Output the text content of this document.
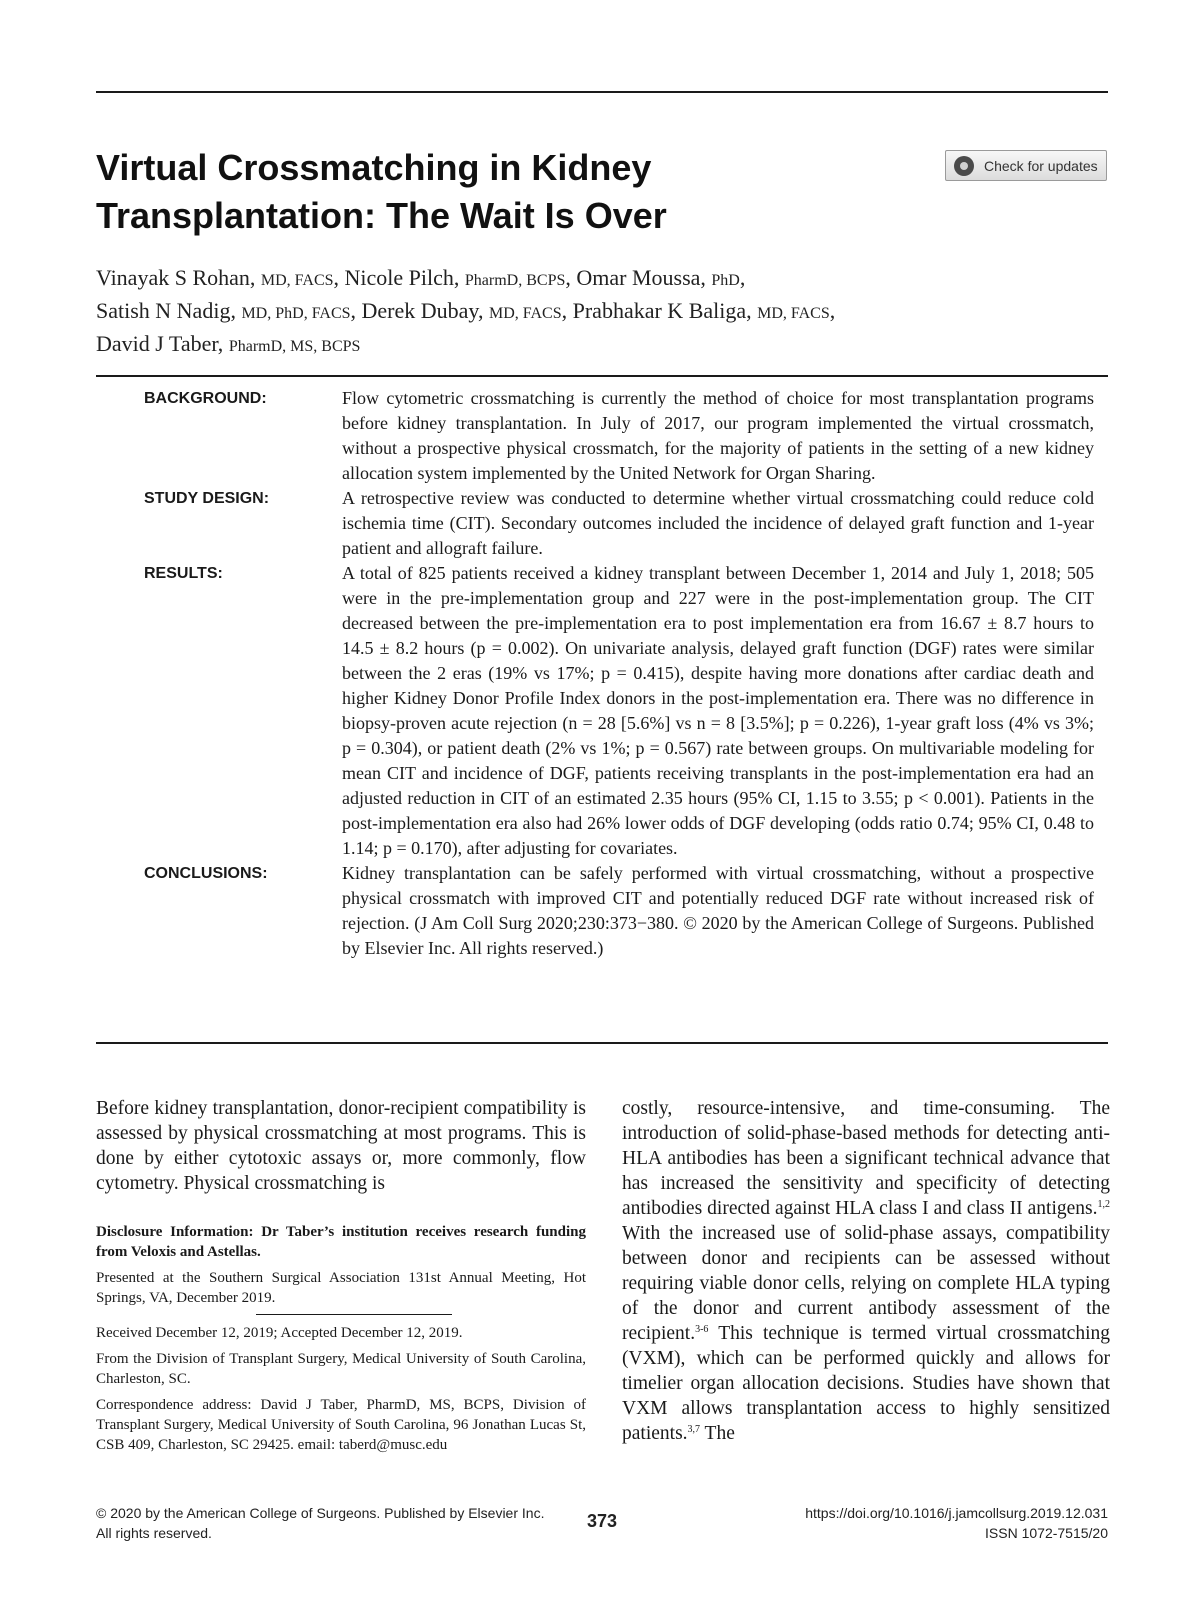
Virtual Crossmatching in Kidney
Transplantation: The Wait Is Over
Check for updates
Vinayak S Rohan, MD, FACS, Nicole Pilch, PharmD, BCPS, Omar Moussa, PhD,
Satish N Nadig, MD, PhD, FACS, Derek Dubay, MD, FACS, Prabhakar K Baliga, MD, FACS,
David J Taber, PharmD, MS, BCPS
BACKGROUND:	Flow cytometric crossmatching is currently the method of choice for most transplantation programs before kidney transplantation. In July of 2017, our program implemented the virtual crossmatch, without a prospective physical crossmatch, for the majority of patients in the setting of a new kidney allocation system implemented by the United Network for Organ Sharing.
STUDY DESIGN:	A retrospective review was conducted to determine whether virtual crossmatching could reduce cold ischemia time (CIT). Secondary outcomes included the incidence of delayed graft function and 1-year patient and allograft failure.
RESULTS:	A total of 825 patients received a kidney transplant between December 1, 2014 and July 1, 2018; 505 were in the pre-implementation group and 227 were in the post-implementation group. The CIT decreased between the pre-implementation era to post implementation era from 16.67 ± 8.7 hours to 14.5 ± 8.2 hours (p = 0.002). On univariate analysis, delayed graft function (DGF) rates were similar between the 2 eras (19% vs 17%; p = 0.415), despite having more donations after cardiac death and higher Kidney Donor Profile Index donors in the post-implementation era. There was no difference in biopsy-proven acute rejection (n = 28 [5.6%] vs n = 8 [3.5%]; p = 0.226), 1-year graft loss (4% vs 3%; p = 0.304), or patient death (2% vs 1%; p = 0.567) rate between groups. On multivariable modeling for mean CIT and incidence of DGF, patients receiving transplants in the post-implementation era had an adjusted reduction in CIT of an estimated 2.35 hours (95% CI, 1.15 to 3.55; p < 0.001). Patients in the post-implementation era also had 26% lower odds of DGF developing (odds ratio 0.74; 95% CI, 0.48 to 1.14; p = 0.170), after adjusting for covariates.
CONCLUSIONS:	Kidney transplantation can be safely performed with virtual crossmatching, without a prospective physical crossmatch with improved CIT and potentially reduced DGF rate without increased risk of rejection. (J Am Coll Surg 2020;230:373−380. © 2020 by the American College of Surgeons. Published by Elsevier Inc. All rights reserved.)

Before kidney transplantation, donor-recipient compatibility is assessed by physical crossmatching at most programs. This is done by either cytotoxic assays or, more commonly, flow cytometry. Physical crossmatching is

Disclosure Information: Dr Taber’s institution receives research funding from Veloxis and Astellas.

Presented at the Southern Surgical Association 131st Annual Meeting, Hot Springs, VA, December 2019.

Received December 12, 2019; Accepted December 12, 2019.

From the Division of Transplant Surgery, Medical University of South Carolina, Charleston, SC.

Correspondence address: David J Taber, PharmD, MS, BCPS, Division of Transplant Surgery, Medical University of South Carolina, 96 Jonathan Lucas St, CSB 409, Charleston, SC 29425. email: taberd@musc.edu

costly, resource-intensive, and time-consuming. The introduction of solid-phase-based methods for detecting anti-HLA antibodies has been a significant technical advance that has increased the sensitivity and specificity of detecting antibodies directed against HLA class I and class II antigens.$^{1,2}$ With the increased use of solid-phase assays, compatibility between donor and recipients can be assessed without requiring viable donor cells, relying on complete HLA typing of the donor and current antibody assessment of the recipient.$^{3-6}$ This technique is termed virtual crossmatching (VXM), which can be performed quickly and allows for timelier organ allocation decisions. Studies have shown that VXM allows transplantation access to highly sensitized patients.$^{3,7}$ The

© 2020 by the American College of Surgeons. Published by Elsevier Inc.
All rights reserved.
373	https://doi.org/10.1016/j.jamcollsurg.2019.12.031
ISSN 1072-7515/20
